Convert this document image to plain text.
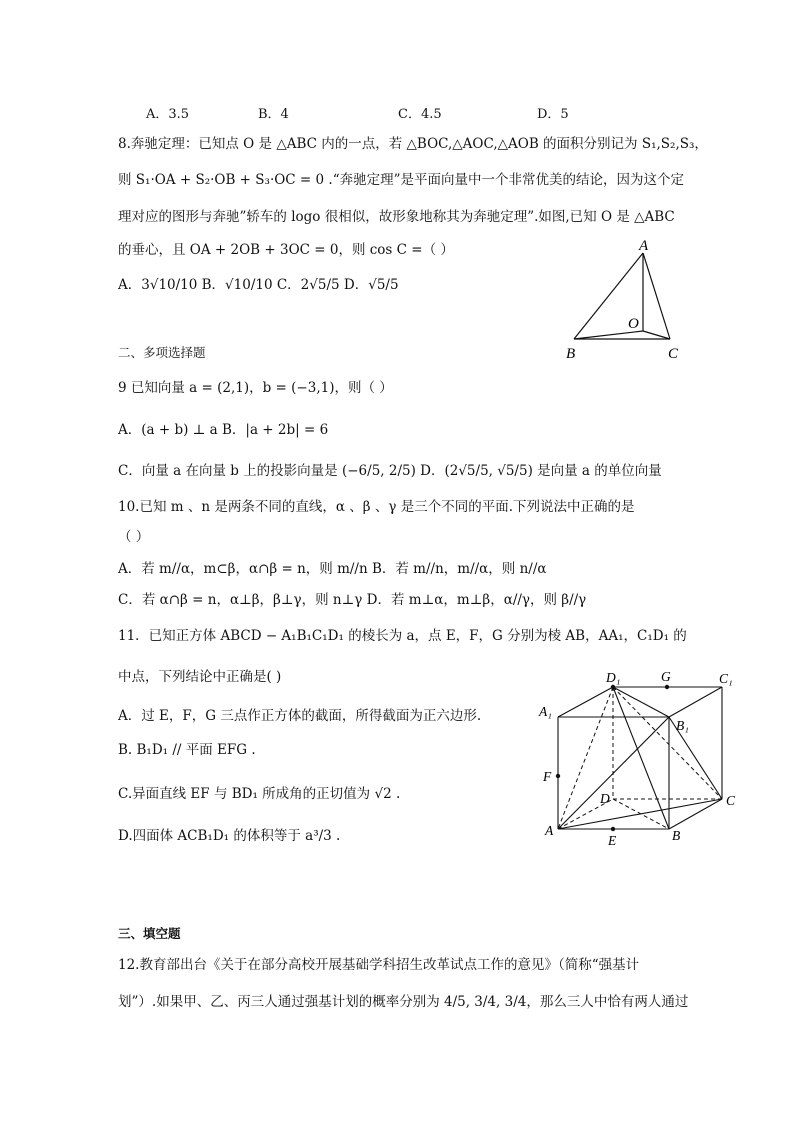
A．3.5	B．4	C．4.5	D．5
8.奔驰定理：已知点 O 是 △ABC 内的一点，若 △BOC,△AOC,△AOB 的面积分别记为 S₁,S₂,S₃，
则 S₁·OA + S₂·OB + S₃·OC = 0 .“奔驰定理”是平面向量中一个非常优美的结论，因为这个定
理对应的图形与奔驰”轿车的 logo 很相似，故形象地称其为奔驰定理”.如图,已知 O 是 △ABC
的垂心，且 OA + 2OB + 3OC = 0，则 cos C =（ ）
A．3√10/10 B．√10/10 C．2√5/5 D．√5/5
A
B	C
O
二、多项选择题
9 已知向量 a = (2,1)，b = (−3,1)，则（ ）
A．(a + b) ⊥ a B．|a + 2b| = 6
C．向量 a 在向量 b 上的投影向量是 (−6/5, 2/5) D．(2√5/5, √5/5) 是向量 a 的单位向量
10.已知 m 、n 是两条不同的直线，α 、β 、γ 是三个不同的平面.下列说法中正确的是
（ ）
A．若 m//α，m⊂β，α∩β = n，则 m//n B．若 m//n，m//α，则 n//α
C．若 α∩β = n，α⊥β，β⊥γ，则 n⊥γ D．若 m⊥α，m⊥β，α//γ，则 β//γ
11．已知正方体 ABCD − A₁B₁C₁D₁ 的棱长为 a，点 E，F，G 分别为棱 AB，AA₁，C₁D₁ 的
中点，下列结论中正确是( )
A．过 E，F，G 三点作正方体的截面，所得截面为正六边形.
B. B₁D₁ // 平面 EFG .
C.异面直线 EF 与 BD₁ 所成角的正切值为 √2 .
D.四面体 ACB₁D₁ 的体积等于 a³/3 .
D₁	G	C₁
A₁
B₁
F
D	C
A
E	B
三、填空题
12.教育部出台《关于在部分高校开展基础学科招生改革试点工作的意见》（简称“强基计
划”）.如果甲、乙、丙三人通过强基计划的概率分别为 4/5, 3/4, 3/4，那么三人中恰有两人通过
